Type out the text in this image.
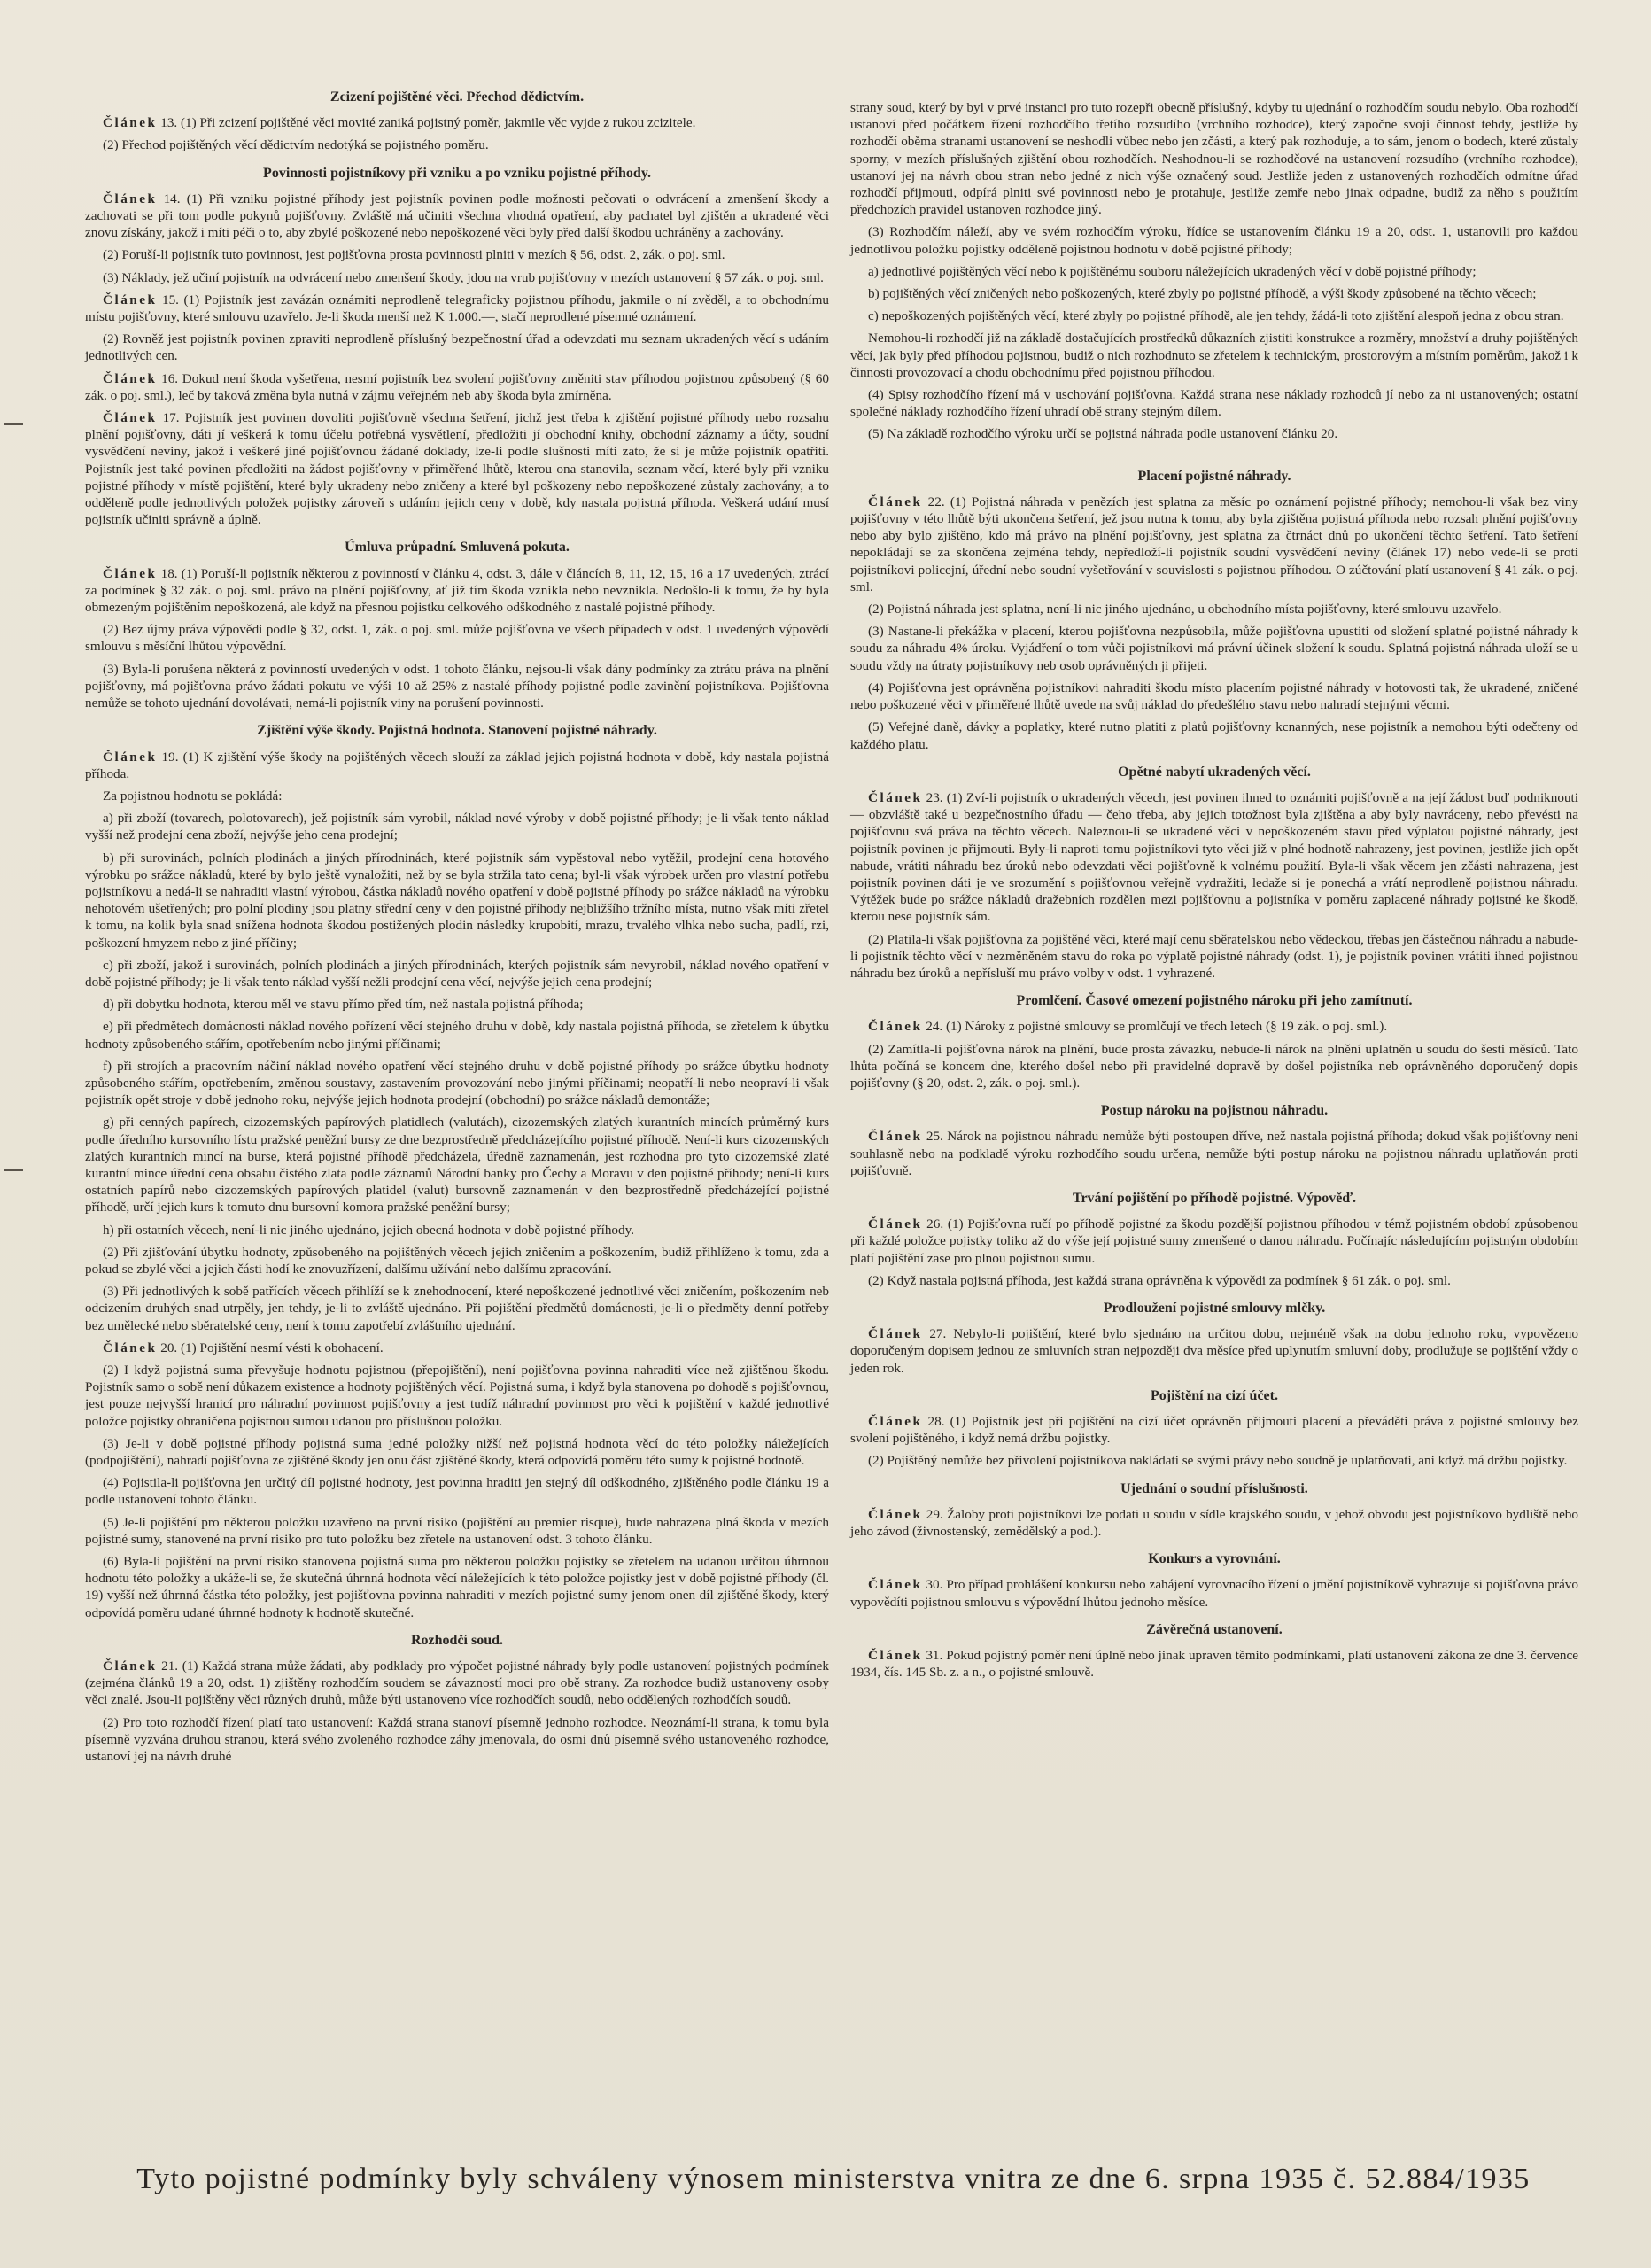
Zcizení pojištěné věci. Přechod dědictvím.

Článek 13. (1) Při zcizení pojištěné věci movité zaniká pojistný poměr, jakmile věc vyjde z rukou zcizitele.

(2) Přechod pojištěných věcí dědictvím nedotýká se pojistného poměru.

Povinnosti pojistníkovy při vzniku a po vzniku pojistné příhody.

Článek 14. (1) Při vzniku pojistné příhody jest pojistník povinen podle možnosti pečovati o odvrácení a zmenšení škody a zachovati se při tom podle pokynů pojišťovny. Zvláště má učiniti všechna vhodná opatření, aby pachatel byl zjištěn a ukradené věci znovu získány, jakož i míti péči o to, aby zbylé poškozené nebo nepoškozené věci byly před další škodou uchráněny a zachovány.

(2) Poruší-li pojistník tuto povinnost, jest pojišťovna prosta povinnosti plniti v mezích § 56, odst. 2, zák. o poj. sml.

(3) Náklady, jež učiní pojistník na odvrácení nebo zmenšení škody, jdou na vrub pojišťovny v mezích ustanovení § 57 zák. o poj. sml.

Článek 15. (1) Pojistník jest zavázán oznámiti neprodleně telegraficky pojistnou příhodu, jakmile o ní zvěděl, a to obchodnímu místu pojišťovny, které smlouvu uzavřelo. Je-li škoda menší než K 1.000.—, stačí neprodlené písemné oznámení.

(2) Rovněž jest pojistník povinen zpraviti neprodleně příslušný bezpečnostní úřad a odevzdati mu seznam ukradených věcí s udáním jednotlivých cen.

Článek 16. Dokud není škoda vyšetřena, nesmí pojistník bez svolení pojišťovny změniti stav příhodou pojistnou způsobený (§ 60 zák. o poj. sml.), leč by taková změna byla nutná v zájmu veřejném neb aby škoda byla zmírněna.

Článek 17. Pojistník jest povinen dovoliti pojišťovně všechna šetření, jichž jest třeba k zjištění pojistné příhody nebo rozsahu plnění pojišťovny, dáti jí veškerá k tomu účelu potřebná vysvětlení, předložiti jí obchodní knihy, obchodní záznamy a účty, soudní vysvědčení neviny, jakož i veškeré jiné pojišťovnou žádané doklady, lze-li podle slušnosti míti zato, že si je může pojistník opatřiti. Pojistník jest také povinen předložiti na žádost pojišťovny v přiměřené lhůtě, kterou ona stanovila, seznam věcí, které byly při vzniku pojistné příhody v místě pojištění, které byly ukradeny nebo zničeny a které byl poškozeny nebo nepoškozené zůstaly zachovány, a to odděleně podle jednotlivých položek pojistky zároveň s udáním jejich ceny v době, kdy nastala pojistná příhoda. Veškerá udání musí pojistník učiniti správně a úplně.

Úmluva průpadní. Smluvená pokuta.

Článek 18. (1) Poruší-li pojistník některou z povinností v článku 4, odst. 3, dále v článcích 8, 11, 12, 15, 16 a 17 uvedených, ztrácí za podmínek § 32 zák. o poj. sml. právo na plnění pojišťovny, ať již tím škoda vznikla nebo nevznikla. Nedošlo-li k tomu, že by byla obmezeným pojištěním nepoškozená, ale když na přesnou pojistku celkového odškodného z nastalé pojistné příhody.

(2) Bez újmy práva výpovědi podle § 32, odst. 1, zák. o poj. sml. může pojišťovna ve všech případech v odst. 1 uvedených výpovědí smlouvu s měsíční lhůtou výpovědní.

(3) Byla-li porušena některá z povinností uvedených v odst. 1 tohoto článku, nejsou-li však dány podmínky za ztrátu práva na plnění pojišťovny, má pojišťovna právo žádati pokutu ve výši 10 až 25% z nastalé příhody pojistné podle zavinění pojistníkova. Pojišťovna nemůže se tohoto ujednání dovolávati, nemá-li pojistník viny na porušení povinnosti.

Zjištění výše škody. Pojistná hodnota. Stanovení pojistné náhrady.

Článek 19. (1) K zjištění výše škody na pojištěných věcech slouží za základ jejich pojistná hodnota v době, kdy nastala pojistná příhoda.

Za pojistnou hodnotu se pokládá:

a) při zboží (tovarech, polotovarech), jež pojistník sám vyrobil, náklad nové výroby v době pojistné příhody; je-li však tento náklad vyšší než prodejní cena zboží, nejvýše jeho cena prodejní;

b) při surovinách, polních plodinách a jiných přírodninách, které pojistník sám vypěstoval nebo vytěžil, prodejní cena hotového výrobku po srážce nákladů, které by bylo ještě vynaložiti, než by se byla stržila tato cena; byl-li však výrobek určen pro vlastní potřebu pojistníkovu a nedá-li se nahraditi vlastní výrobou, částka nákladů nového opatření v době pojistné příhody po srážce nákladů na výrobku nehotovém ušetřených; pro polní plodiny jsou platny střední ceny v den pojistné příhody nejbližšího tržního místa, nutno však míti zřetel k tomu, na kolik byla snad snížena hodnota škodou postižených plodin následky krupobití, mrazu, trvalého vlhka nebo sucha, padlí, rzi, poškození hmyzem nebo z jiné příčiny;

c) při zboží, jakož i surovinách, polních plodinách a jiných přírodninách, kterých pojistník sám nevyrobil, náklad nového opatření v době pojistné příhody; je-li však tento náklad vyšší nežli prodejní cena věcí, nejvýše jejich cena prodejní;

d) při dobytku hodnota, kterou měl ve stavu přímo před tím, než nastala pojistná příhoda;

e) při předmětech domácnosti náklad nového pořízení věcí stejného druhu v době, kdy nastala pojistná příhoda, se zřetelem k úbytku hodnoty způsobeného stářím, opotřebením nebo jinými příčinami;

f) při strojích a pracovním náčiní náklad nového opatření věcí stejného druhu v době pojistné příhody po srážce úbytku hodnoty způsobeného stářím, opotřebením, změnou soustavy, zastavením provozování nebo jinými příčinami; neopatří-li nebo neopraví-li však pojistník opět stroje v době jednoho roku, nejvýše jejich hodnota prodejní (obchodní) po srážce nákladů demontáže;

g) při cenných papírech, cizozemských papírových platidlech (valutách), cizozemských zlatých kurantních mincích průměrný kurs podle úředního kursovního lístu pražské peněžní bursy ze dne bezprostředně předcházejícího pojistné příhodě. Není-li kurs cizozemských zlatých kurantních mincí na burse, která pojistné příhodě předcházela, úředně zaznamenán, jest rozhodna pro tyto cizozemské zlaté kurantní mince úřední cena obsahu čistého zlata podle záznamů Národní banky pro Čechy a Moravu v den pojistné příhody; není-li kurs ostatních papírů nebo cizozemských papírových platidel (valut) bursovně zaznamenán v den bezprostředně předcházející pojistné příhodě, určí jejich kurs k tomuto dnu bursovní komora pražské peněžní bursy;

h) při ostatních věcech, není-li nic jiného ujednáno, jejich obecná hodnota v době pojistné příhody.

(2) Při zjišťování úbytku hodnoty, způsobeného na pojištěných věcech jejich zničením a poškozením, budiž přihlíženo k tomu, zda a pokud se zbylé věci a jejich části hodí ke znovuzřízení, dalšímu užívání nebo dalšímu zpracování.

(3) Při jednotlivých k sobě patřících věcech přihlíží se k znehodnocení, které nepoškozené jednotlivé věci zničením, poškozením neb odcizením druhých snad utrpěly, jen tehdy, je-li to zvláště ujednáno. Při pojištění předmětů domácnosti, je-li o předměty denní potřeby bez umělecké nebo sběratelské ceny, není k tomu zapotřebí zvláštního ujednání.

Článek 20. (1) Pojištění nesmí vésti k obohacení.

(2) I když pojistná suma převyšuje hodnotu pojistnou (přepojištění), není pojišťovna povinna nahraditi více než zjištěnou škodu. Pojistník samo o sobě není důkazem existence a hodnoty pojištěných věcí. Pojistná suma, i když byla stanovena po dohodě s pojišťovnou, jest pouze nejvyšší hranicí pro náhradní povinnost pojišťovny a jest tudíž náhradní povinnost pro věci k pojištění v každé jednotlivé položce pojistky ohraničena pojistnou sumou udanou pro příslušnou položku.

(3) Je-li v době pojistné příhody pojistná suma jedné položky nižší než pojistná hodnota věcí do této položky náležejících (podpojištění), nahradí pojišťovna ze zjištěné škody jen onu část zjištěné škody, která odpovídá poměru této sumy k pojistné hodnotě.

(4) Pojistila-li pojišťovna jen určitý díl pojistné hodnoty, jest povinna hraditi jen stejný díl odškodného, zjištěného podle článku 19 a podle ustanovení tohoto článku.

(5) Je-li pojištění pro některou položku uzavřeno na první risiko (pojištění au premier risque), bude nahrazena plná škoda v mezích pojistné sumy, stanovené na první risiko pro tuto položku bez zřetele na ustanovení odst. 3 tohoto článku.

(6) Byla-li pojištění na první risiko stanovena pojistná suma pro některou položku pojistky se zřetelem na udanou určitou úhrnnou hodnotu této položky a ukáže-li se, že skutečná úhrnná hodnota věcí náležejících k této položce pojistky jest v době pojistné příhody (čl. 19) vyšší než úhrnná částka této položky, jest pojišťovna povinna nahraditi v mezích pojistné sumy jenom onen díl zjištěné škody, který odpovídá poměru udané úhrnné hodnoty k hodnotě skutečné.

Rozhodčí soud.

Článek 21. (1) Každá strana může žádati, aby podklady pro výpočet pojistné náhrady byly podle ustanovení pojistných podmínek (zejména článků 19 a 20, odst. 1) zjištěny rozhodčím soudem se závazností moci pro obě strany. Za rozhodce budiž ustanoveny osoby věci znalé. Jsou-li pojištěny věci různých druhů, může býti ustanoveno více rozhodčích soudů, nebo oddělených rozhodčích soudů.

(2) Pro toto rozhodčí řízení platí tato ustanovení: Každá strana stanoví písemně jednoho rozhodce. Neoznámí-li strana, k tomu byla písemně vyzvána druhou stranou, která svého zvoleného rozhodce záhy jmenovala, do osmi dnů písemně svého ustanoveného rozhodce, ustanoví jej na návrh druhé

strany soud, který by byl v prvé instanci pro tuto rozepři obecně příslušný, kdyby tu ujednání o rozhodčím soudu nebylo. Oba rozhodčí ustanoví před počátkem řízení rozhodčího třetího rozsudího (vrchního rozhodce), který započne svoji činnost tehdy, jestliže by rozhodčí oběma stranami ustanovení se neshodli vůbec nebo jen zčásti, a který pak rozhoduje, a to sám, jenom o bodech, které zůstaly sporny, v mezích příslušných zjištění obou rozhodčích. Neshodnou-li se rozhodčové na ustanovení rozsudího (vrchního rozhodce), ustanoví jej na návrh obou stran nebo jedné z nich výše označený soud. Jestliže jeden z ustanovených rozhodčích odmítne úřad rozhodčí přijmouti, odpírá plniti své povinnosti nebo je protahuje, jestliže zemře nebo jinak odpadne, budiž za něho s použitím předchozích pravidel ustanoven rozhodce jiný.

(3) Rozhodčím náleží, aby ve svém rozhodčím výroku, řídíce se ustanovením článku 19 a 20, odst. 1, ustanovili pro každou jednotlivou položku pojistky odděleně pojistnou hodnotu v době pojistné příhody;

a) jednotlivé pojištěných věcí nebo k pojištěnému souboru náležejících ukradených věcí v době pojistné příhody;

b) pojištěných věcí zničených nebo poškozených, které zbyly po pojistné příhodě, a výši škody způsobené na těchto věcech;

c) nepoškozených pojištěných věcí, které zbyly po pojistné příhodě, ale jen tehdy, žádá-li toto zjištění alespoň jedna z obou stran.

Nemohou-li rozhodčí již na základě dostačujících prostředků důkazních zjistiti konstrukce a rozměry, množství a druhy pojištěných věcí, jak byly před příhodou pojistnou, budiž o nich rozhodnuto se zřetelem k technickým, prostorovým a místním poměrům, jakož i k činnosti provozovací a chodu obchodnímu před pojistnou příhodou.

(4) Spisy rozhodčího řízení má v uschování pojišťovna. Každá strana nese náklady rozhodců jí nebo za ni ustanovených; ostatní společné náklady rozhodčího řízení uhradí obě strany stejným dílem.

(5) Na základě rozhodčího výroku určí se pojistná náhrada podle ustanovení článku 20.

Placení pojistné náhrady.

Článek 22. (1) Pojistná náhrada v penězích jest splatna za měsíc po oznámení pojistné příhody; nemohou-li však bez viny pojišťovny v této lhůtě býti ukončena šetření, jež jsou nutna k tomu, aby byla zjištěna pojistná příhoda nebo rozsah plnění pojišťovny nebo aby bylo zjištěno, kdo má právo na plnění pojišťovny, jest splatna za čtrnáct dnů po ukončení těchto šetření. Tato šetření nepokládají se za skončena zejména tehdy, nepředloží-li pojistník soudní vysvědčení neviny (článek 17) nebo vede-li se proti pojistníkovi policejní, úřední nebo soudní vyšetřování v souvislosti s pojistnou příhodou. O zúčtování platí ustanovení § 41 zák. o poj. sml.

(2) Pojistná náhrada jest splatna, není-li nic jiného ujednáno, u obchodního místa pojišťovny, které smlouvu uzavřelo.

(3) Nastane-li překážka v placení, kterou pojišťovna nezpůsobila, může pojišťovna upustiti od složení splatné pojistné náhrady k soudu za náhradu 4% úroku. Vyjádření o tom vůči pojistníkovi má právní účinek složení k soudu. Splatná pojistná náhrada uloží se u soudu vždy na útraty pojistníkovy neb osob oprávněných ji přijeti.

(4) Pojišťovna jest oprávněna pojistníkovi nahraditi škodu místo placením pojistné náhrady v hotovosti tak, že ukradené, zničené nebo poškozené věci v přiměřené lhůtě uvede na svůj náklad do předešlého stavu nebo nahradí stejnými věcmi.

(5) Veřejné daně, dávky a poplatky, které nutno platiti z platů pojišťovny kcnanných, nese pojistník a nemohou býti odečteny od každého platu.

Opětné nabytí ukradených věcí.

Článek 23. (1) Zví-li pojistník o ukradených věcech, jest povinen ihned to oznámiti pojišťovně a na její žádost buď podniknouti — obzvláště také u bezpečnostního úřadu — čeho třeba, aby jejich totožnost byla zjištěna a aby byly navráceny, nebo převésti na pojišťovnu svá práva na těchto věcech. Naleznou-li se ukradené věci v nepoškozeném stavu před výplatou pojistné náhrady, jest pojistník povinen je přijmouti. Byly-li naproti tomu pojistníkovi tyto věci již v plné hodnotě nahrazeny, jest povinen, jestliže jich opět nabude, vrátiti náhradu bez úroků nebo odevzdati věci pojišťovně k volnému použití. Byla-li však věcem jen zčásti nahrazena, jest pojistník povinen dáti je ve srozumění s pojišťovnou veřejně vydražiti, ledaže si je ponechá a vrátí neprodleně pojistnou náhradu. Výtěžek bude po srážce nákladů dražebních rozdělen mezi pojišťovnu a pojistníka v poměru zaplacené náhrady pojistné ke škodě, kterou nese pojistník sám.

(2) Platila-li však pojišťovna za pojištěné věci, které mají cenu sběratelskou nebo vědeckou, třebas jen částečnou náhradu a nabude-li pojistník těchto věcí v nezměněném stavu do roka po výplatě pojistné náhrady (odst. 1), je pojistník povinen vrátiti ihned pojistnou náhradu bez úroků a nepřísluší mu právo volby v odst. 1 vyhrazené.

Promlčení. Časové omezení pojistného nároku při jeho zamítnutí.

Článek 24. (1) Nároky z pojistné smlouvy se promlčují ve třech letech (§ 19 zák. o poj. sml.).

(2) Zamítla-li pojišťovna nárok na plnění, bude prosta závazku, nebude-li nárok na plnění uplatněn u soudu do šesti měsíců. Tato lhůta počíná se koncem dne, kterého došel nebo při pravidelné dopravě by došel pojistníka neb oprávněného doporučený dopis pojišťovny (§ 20, odst. 2, zák. o poj. sml.).

Postup nároku na pojistnou náhradu.

Článek 25. Nárok na pojistnou náhradu nemůže býti postoupen dříve, než nastala pojistná příhoda; dokud však pojišťovny neni souhlasně nebo na podkladě výroku rozhodčího soudu určena, nemůže býti postup nároku na pojistnou náhradu uplatňován proti pojišťovně.

Trvání pojištění po příhodě pojistné. Výpověď.

Článek 26. (1) Pojišťovna ručí po příhodě pojistné za škodu pozdější pojistnou příhodou v témž pojistném období způsobenou při každé položce pojistky toliko až do výše její pojistné sumy zmenšené o danou náhradu. Počínajíc následujícím pojistným obdobím platí pojištění zase pro plnou pojistnou sumu.

(2) Když nastala pojistná příhoda, jest každá strana oprávněna k výpovědi za podmínek § 61 zák. o poj. sml.

Prodloužení pojistné smlouvy mlčky.

Článek 27. Nebylo-li pojištění, které bylo sjednáno na určitou dobu, nejméně však na dobu jednoho roku, vypovězeno doporučeným dopisem jednou ze smluvních stran nejpozději dva měsíce před uplynutím smluvní doby, prodlužuje se pojištění vždy o jeden rok.

Pojištění na cizí účet.

Článek 28. (1) Pojistník jest při pojištění na cizí účet oprávněn přijmouti placení a převáděti práva z pojistné smlouvy bez svolení pojištěného, i když nemá držbu pojistky.

(2) Pojištěný nemůže bez přivolení pojistníkova nakládati se svými právy nebo soudně je uplatňovati, ani když má držbu pojistky.

Ujednání o soudní příslušnosti.

Článek 29. Žaloby proti pojistníkovi lze podati u soudu v sídle krajského soudu, v jehož obvodu jest pojistníkovo bydliště nebo jeho závod (živnostenský, zemědělský a pod.).

Konkurs a vyrovnání.

Článek 30. Pro případ prohlášení konkursu nebo zahájení vyrovnacího řízení o jmění pojistníkově vyhrazuje si pojišťovna právo vypovědíti pojistnou smlouvu s výpovědní lhůtou jednoho měsíce.

Závěrečná ustanovení.

Článek 31. Pokud pojistný poměr není úplně nebo jinak upraven těmito podmínkami, platí ustanovení zákona ze dne 3. července 1934, čís. 145 Sb. z. a n., o pojistné smlouvě.

Tyto pojistné podmínky byly schváleny výnosem ministerstva vnitra ze dne 6. srpna 1935 č. 52.884/1935
